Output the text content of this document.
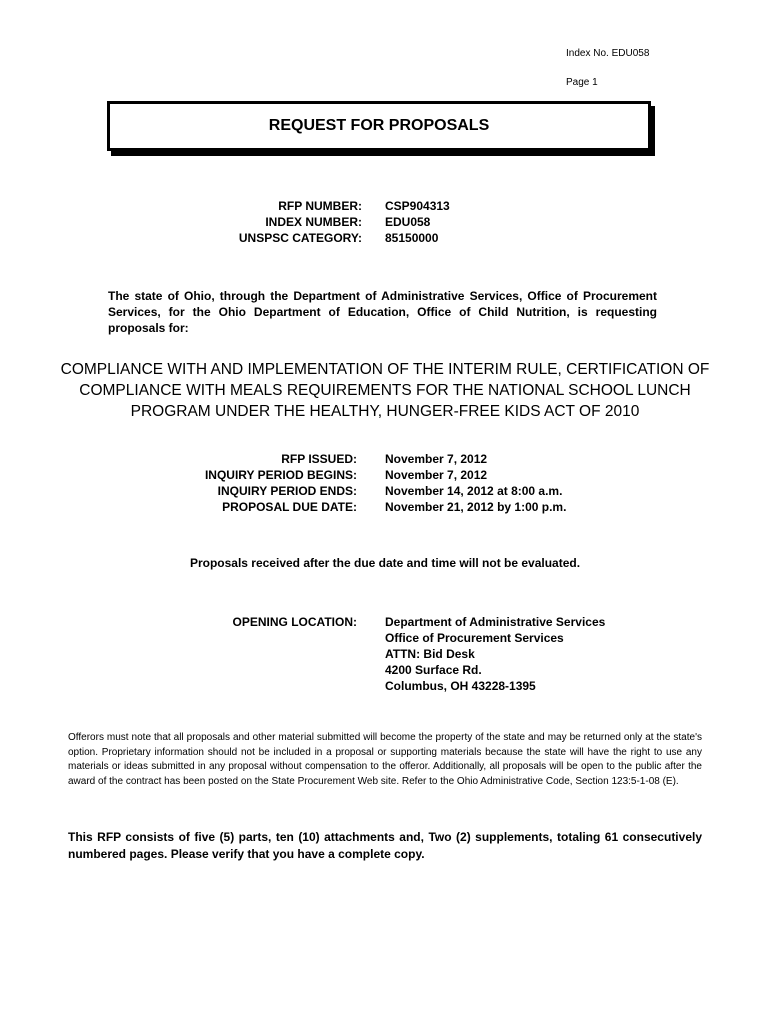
Index No. EDU058
Page 1
REQUEST FOR PROPOSALS
RFP NUMBER:
INDEX NUMBER:
UNSPSC CATEGORY:
CSP904313
EDU058
85150000
The state of Ohio, through the Department of Administrative Services, Office of Procurement Services, for the Ohio Department of Education, Office of Child Nutrition, is requesting proposals for:
COMPLIANCE WITH AND IMPLEMENTATION OF THE INTERIM RULE, CERTIFICATION OF COMPLIANCE WITH MEALS REQUIREMENTS FOR THE NATIONAL SCHOOL LUNCH PROGRAM UNDER THE HEALTHY, HUNGER-FREE KIDS ACT OF 2010
RFP ISSUED:
INQUIRY PERIOD BEGINS:
INQUIRY PERIOD ENDS:
PROPOSAL DUE DATE:
November 7, 2012
November 7, 2012
November 14, 2012 at 8:00 a.m.
November 21, 2012 by 1:00 p.m.
Proposals received after the due date and time will not be evaluated.
OPENING LOCATION: Department of Administrative Services
Office of Procurement Services
ATTN: Bid Desk
4200 Surface Rd.
Columbus, OH 43228-1395
Offerors must note that all proposals and other material submitted will become the property of the state and may be returned only at the state's option. Proprietary information should not be included in a proposal or supporting materials because the state will have the right to use any materials or ideas submitted in any proposal without compensation to the offeror. Additionally, all proposals will be open to the public after the award of the contract has been posted on the State Procurement Web site. Refer to the Ohio Administrative Code, Section 123:5-1-08 (E).
This RFP consists of five (5) parts, ten (10) attachments and, Two (2) supplements, totaling 61 consecutively numbered pages. Please verify that you have a complete copy.
